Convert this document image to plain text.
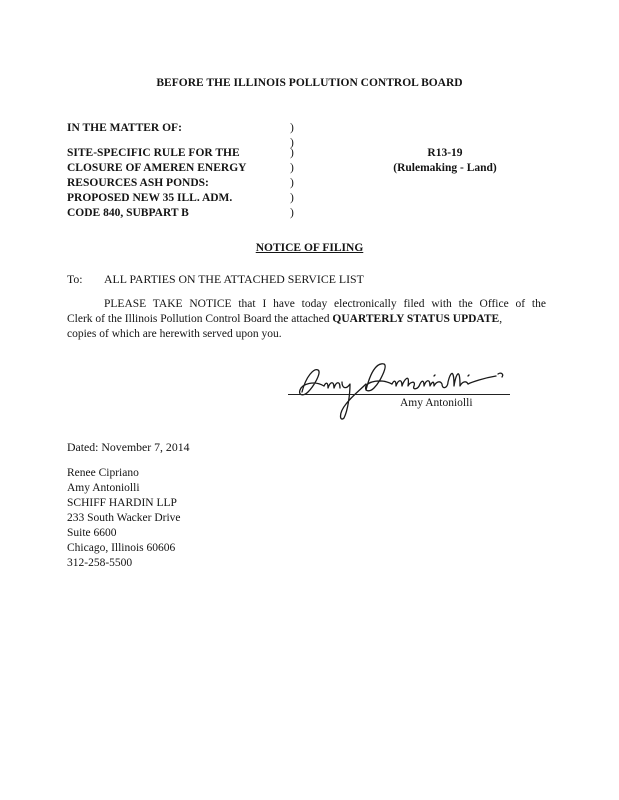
BEFORE THE ILLINOIS POLLUTION CONTROL BOARD
IN THE MATTER OF:
SITE-SPECIFIC RULE FOR THE
CLOSURE OF AMEREN ENERGY
RESOURCES ASH PONDS:
PROPOSED NEW 35 ILL. ADM.
CODE 840, SUBPART B
)
)
)
)
)
)
)
R13-19
(Rulemaking - Land)
NOTICE OF FILING
To: ALL PARTIES ON THE ATTACHED SERVICE LIST
PLEASE TAKE NOTICE that I have today electronically filed with the Office of the
Clerk of the Illinois Pollution Control Board the attached QUARTERLY STATUS UPDATE,
copies of which are herewith served upon you.
Amy Antoniolli
Dated: November 7, 2014
Renee Cipriano
Amy Antoniolli
SCHIFF HARDIN LLP
233 South Wacker Drive
Suite 6600
Chicago, Illinois 60606
312-258-5500
